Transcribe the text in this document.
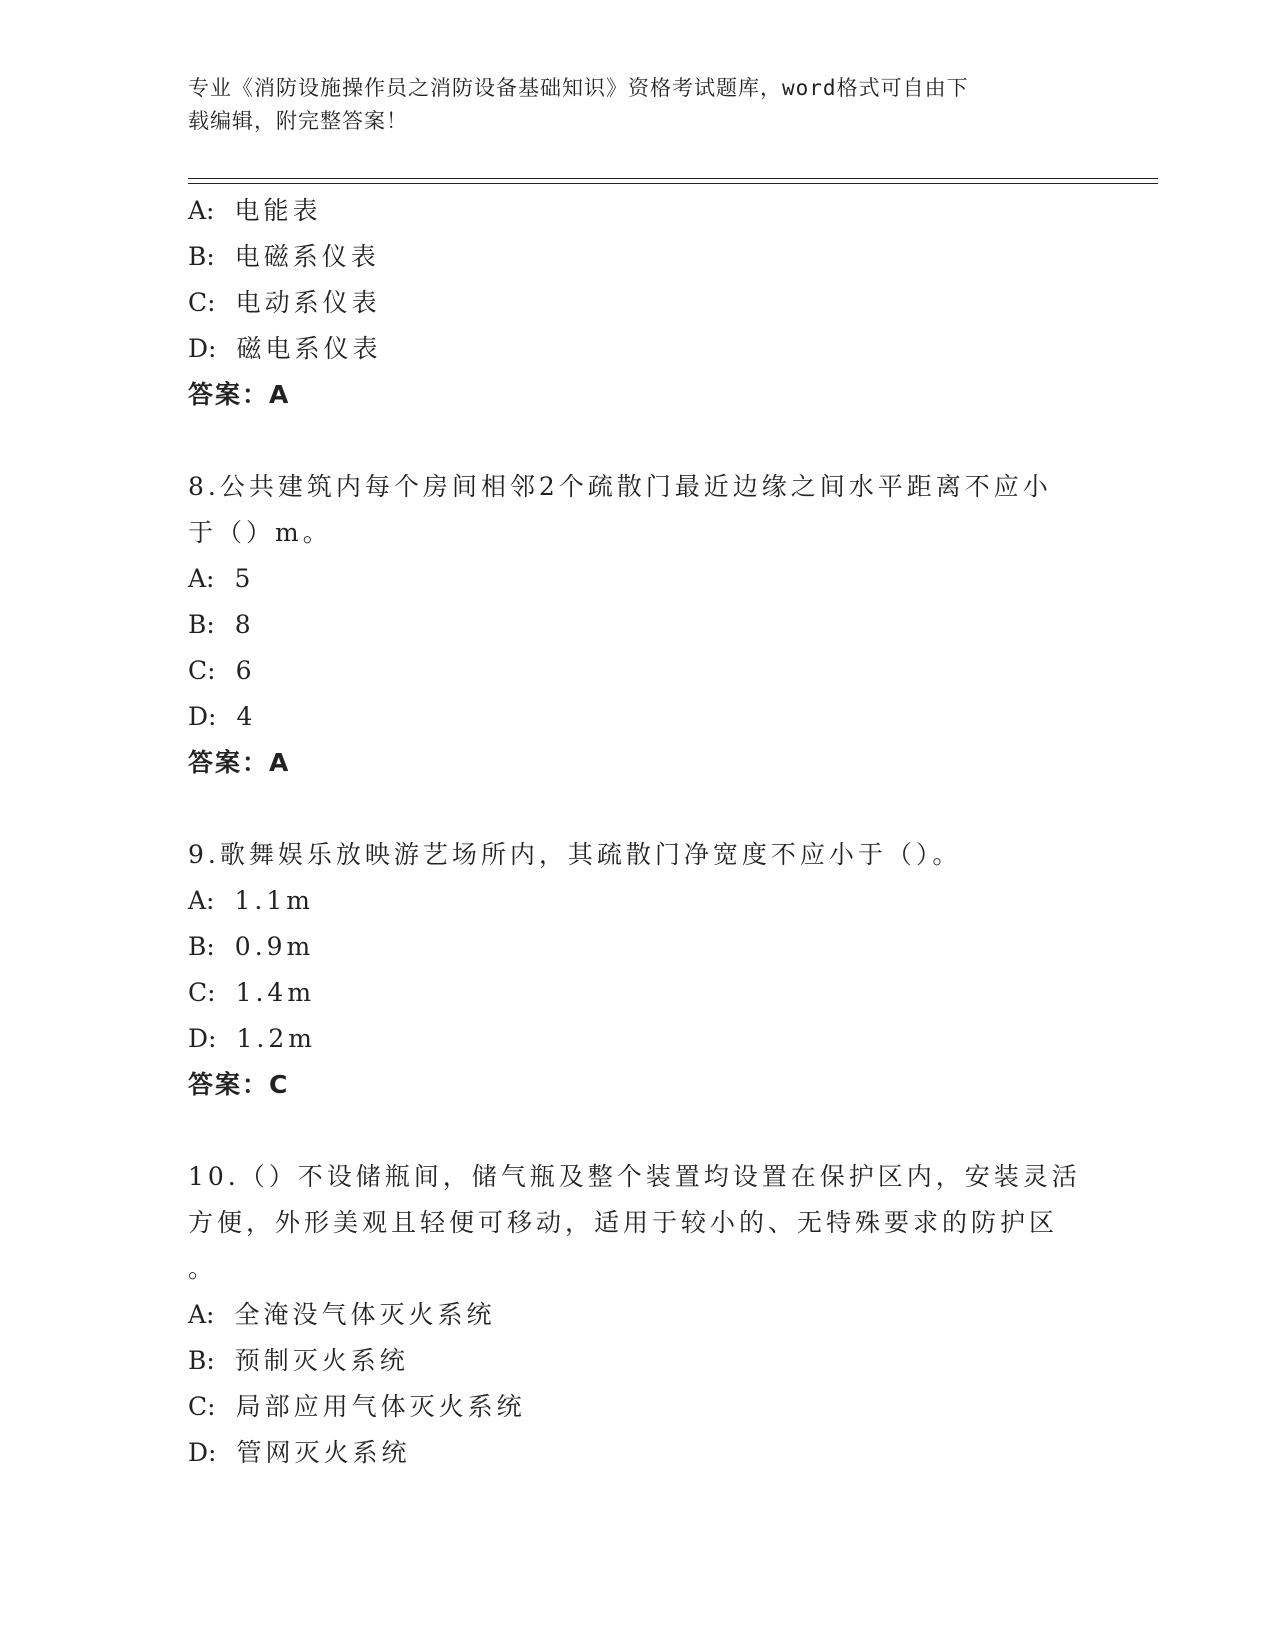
专业《消防设施操作员之消防设备基础知识》资格考试题库，word格式可自由下
载编辑，附完整答案！
A: 电能表
B: 电磁系仪表
C: 电动系仪表
D: 磁电系仪表
答案：A
8.公共建筑内每个房间相邻2个疏散门最近边缘之间水平距离不应小
于（）m。
A: 5
B: 8
C: 6
D: 4
答案：A
9.歌舞娱乐放映游艺场所内，其疏散门净宽度不应小于（）。
A: 1.1m
B: 0.9m
C: 1.4m
D: 1.2m
答案：C
10.（）不设储瓶间，储气瓶及整个装置均设置在保护区内，安装灵活
方便，外形美观且轻便可移动，适用于较小的、无特殊要求的防护区
。
A: 全淹没气体灭火系统
B: 预制灭火系统
C: 局部应用气体灭火系统
D: 管网灭火系统
